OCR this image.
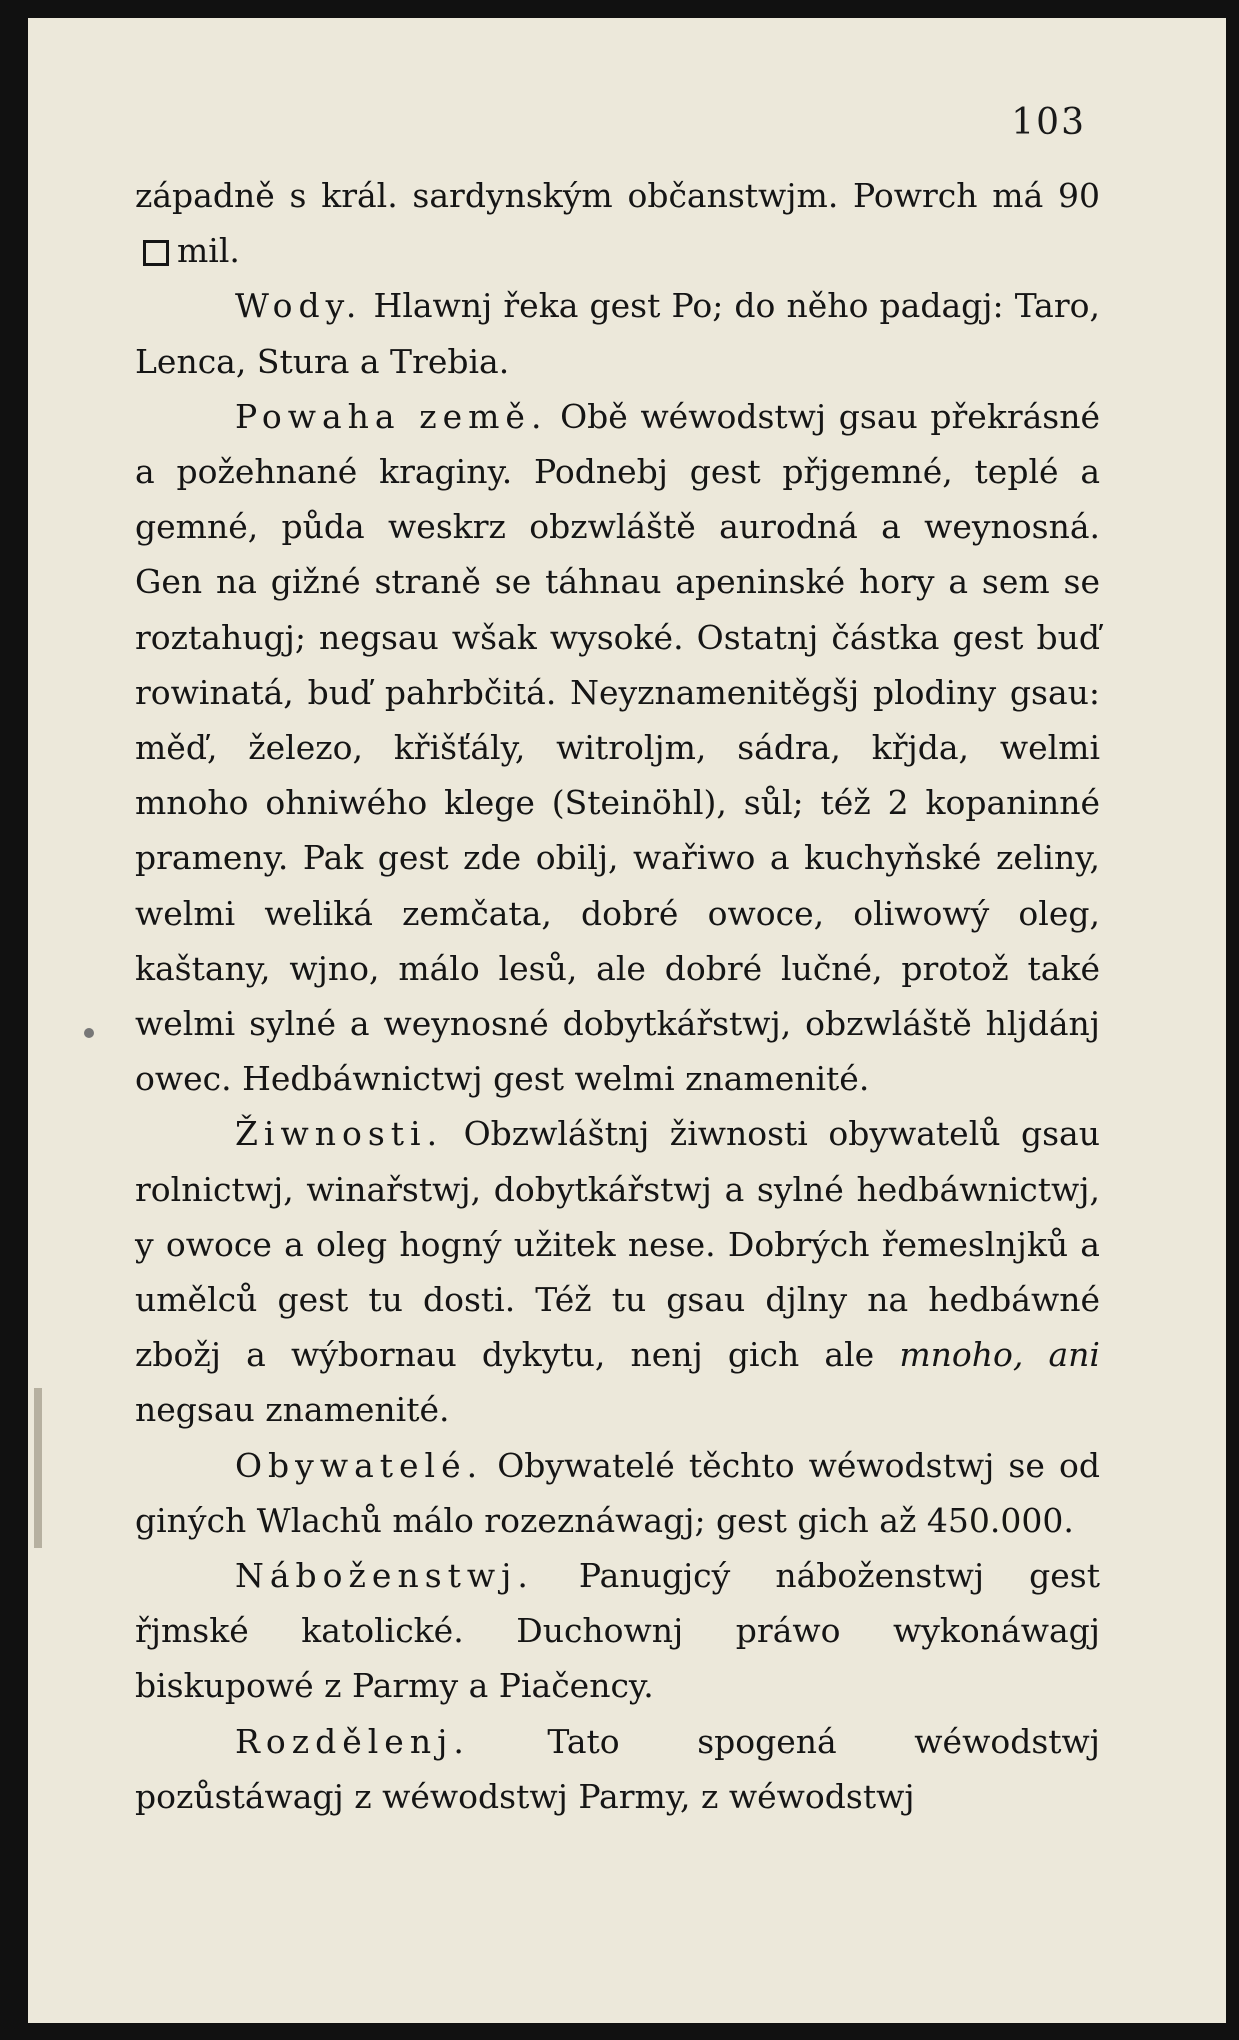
103

západně s král. sardynským občanstwjm. Powrch má 90mil.

Wody. Hlawnj řeka gest Po; do něho padagj: Taro, Lenca, Stura a Trebia.

Powaha země. Obě wéwodstwj gsau překrásné a požehnané kraginy. Podnebj gest přjgemné, teplé a gemné, půda weskrz obzwláště aurodná a weynosná. Gen na gižné straně se táhnau apeninské hory a sem se roztahugj; negsau wšak wysoké. Ostatnj částka gest buď rowinatá, buď pahrbčitá. Neyznamenitěgšj plodiny gsau: měď, železo, křišťály, witroljm, sádra, křjda, welmi mnoho ohniwého klege (Steinöhl), sůl; též 2 kopaninné prameny. Pak gest zde obilj, wařiwo a kuchyňské zeliny, welmi weliká zemčata, dobré owoce, oliwowý oleg, kaštany, wjno, málo lesů, ale dobré lučné, protož také welmi sylné a weynosné dobytkářstwj, obzwláště hljdánj owec. Hedbáwnictwj gest welmi znamenité.

Žiwnosti. Obzwláštnj žiwnosti obywatelů gsau rolnictwj, winařstwj, dobytkářstwj a sylné hedbáwnictwj, y owoce a oleg hogný užitek nese. Dobrých řemeslnjků a umělců gest tu dosti. Též tu gsau djlny na hedbáwné zbožj a wýbornau dykytu, nenj gich ale mnoho, ani negsau znamenité.

Obywatelé. Obywatelé těchto wéwodstwj se od giných Wlachů málo rozeznáwagj; gest gich až 450.000.

Náboženstwj. Panugjcý náboženstwj gest řjmské katolické. Duchownj práwo wykonáwagj biskupowé z Parmy a Piačency.

Rozdělenj. Tato spogená wéwodstwj pozůstáwagj z wéwodstwj Parmy, z wéwodstwj
